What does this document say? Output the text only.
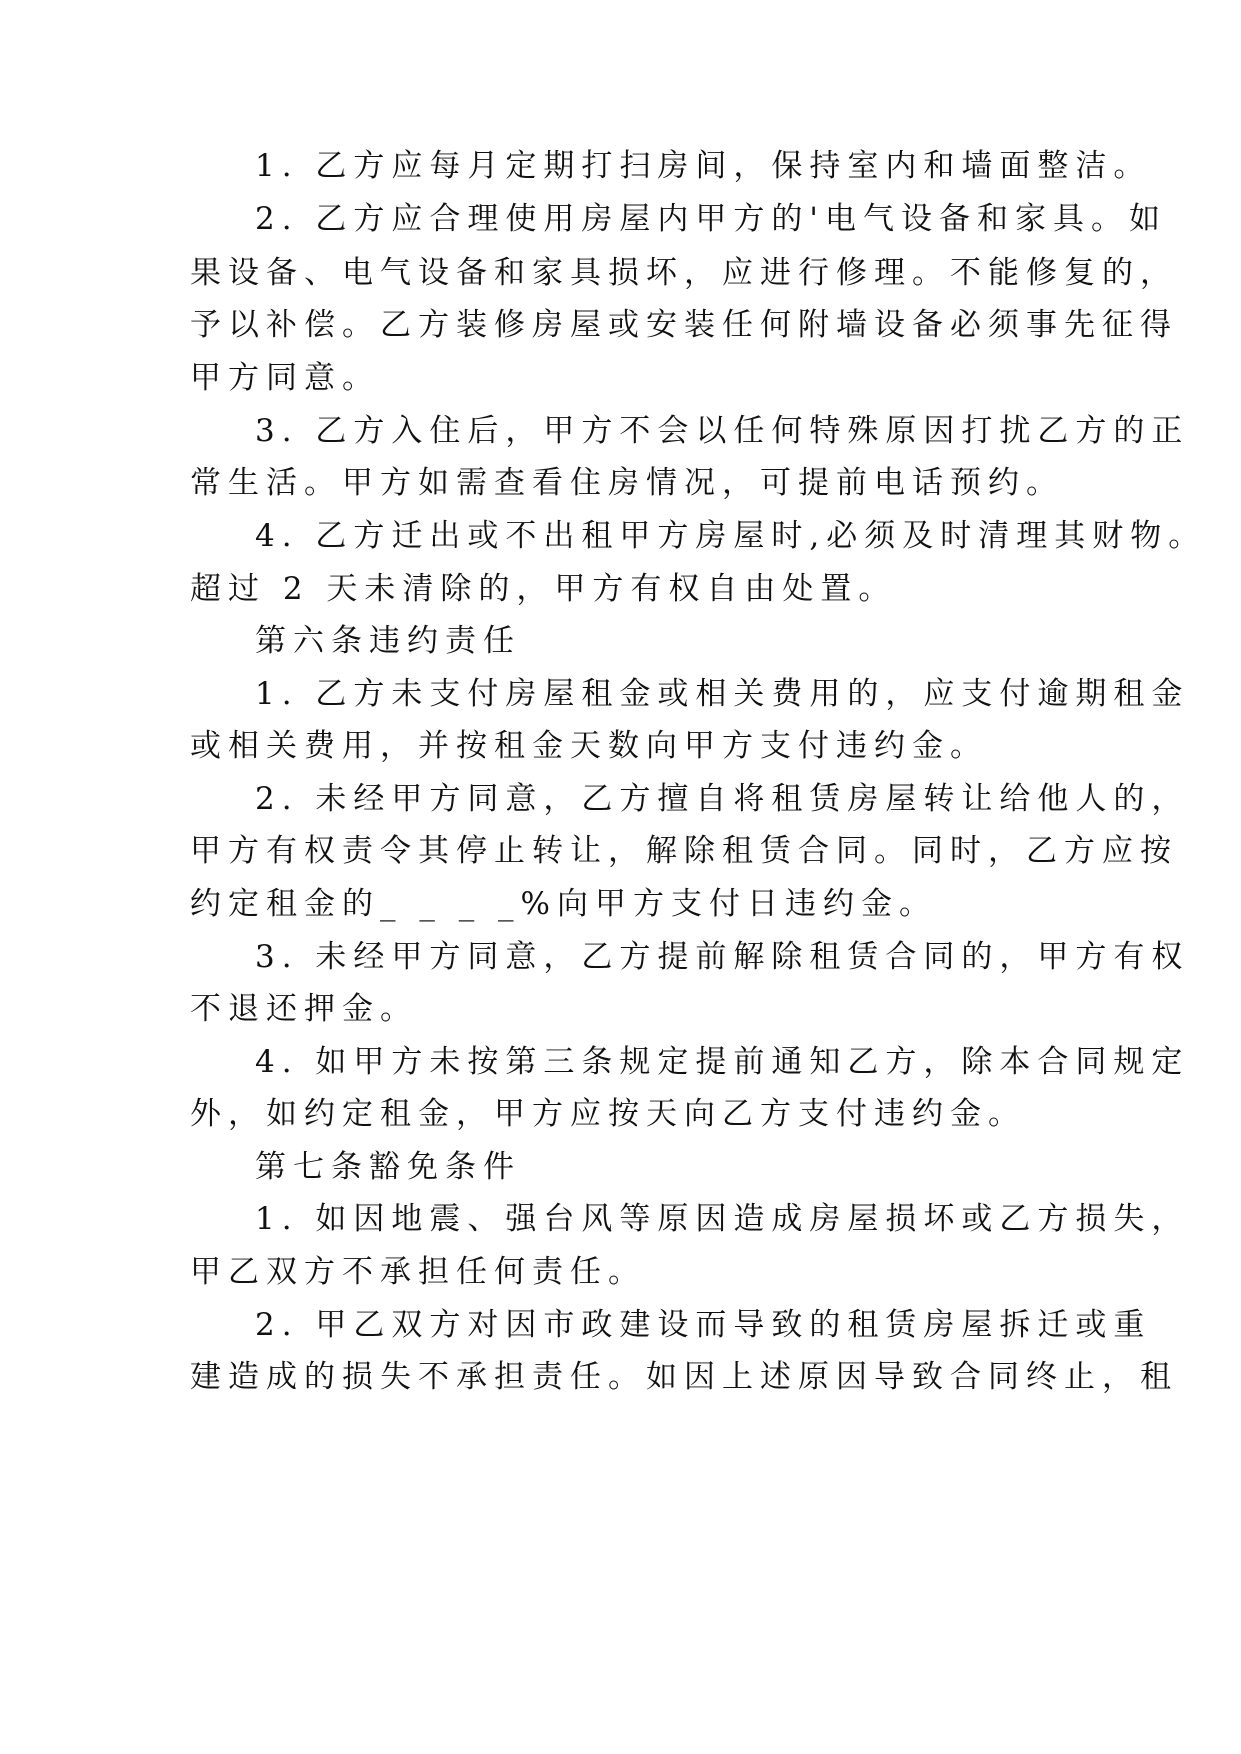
1. 乙方应每月定期打扫房间，保持室内和墙面整洁。
2. 乙方应合理使用房屋内甲方的'电气设备和家具。如
果设备、电气设备和家具损坏，应进行修理。不能修复的，
予以补偿。乙方装修房屋或安装任何附墙设备必须事先征得
甲方同意。
3. 乙方入住后，甲方不会以任何特殊原因打扰乙方的正
常生活。甲方如需查看住房情况，可提前电话预约。
4. 乙方迁出或不出租甲方房屋时,必须及时清理其财物。
超过 2 天未清除的，甲方有权自由处置。
第六条违约责任
1. 乙方未支付房屋租金或相关费用的，应支付逾期租金
或相关费用，并按租金天数向甲方支付违约金。
2. 未经甲方同意，乙方擅自将租赁房屋转让给他人的，
甲方有权责令其停止转让，解除租赁合同。同时，乙方应按
约定租金的_ _ _ _%向甲方支付日违约金。
3. 未经甲方同意，乙方提前解除租赁合同的，甲方有权
不退还押金。
4. 如甲方未按第三条规定提前通知乙方，除本合同规定
外，如约定租金，甲方应按天向乙方支付违约金。
第七条豁免条件
1. 如因地震、强台风等原因造成房屋损坏或乙方损失，
甲乙双方不承担任何责任。
2. 甲乙双方对因市政建设而导致的租赁房屋拆迁或重
建造成的损失不承担责任。如因上述原因导致合同终止，租
